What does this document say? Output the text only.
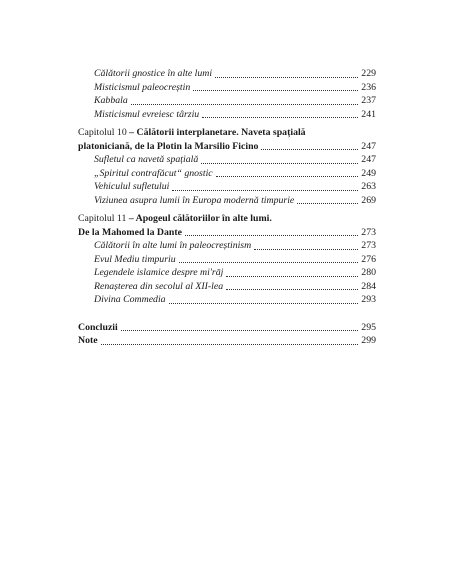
Călătorii gnostice în alte lumi	229
Misticismul paleocreștin	236
Kabbala	237
Misticismul evreiesc târziu	241
Capitolul 10 – Călătorii interplanetare. Naveta spațială
platoniciană, de la Plotin la Marsilio Ficino	247
Sufletul ca navetă spațială	247
„Spiritul contrafăcut“ gnostic	249
Vehiculul sufletului	263
Viziunea asupra lumii în Europa modernă timpurie	269
Capitolul 11 – Apogeul călătoriilor în alte lumi.
De la Mahomed la Dante	273
Călătorii în alte lumi în paleocreștinism	273
Evul Mediu timpuriu	276
Legendele islamice despre mi'rāj	280
Renașterea din secolul al XII-lea	284
Divina Commedia	293
Concluzii	295
Note	299
